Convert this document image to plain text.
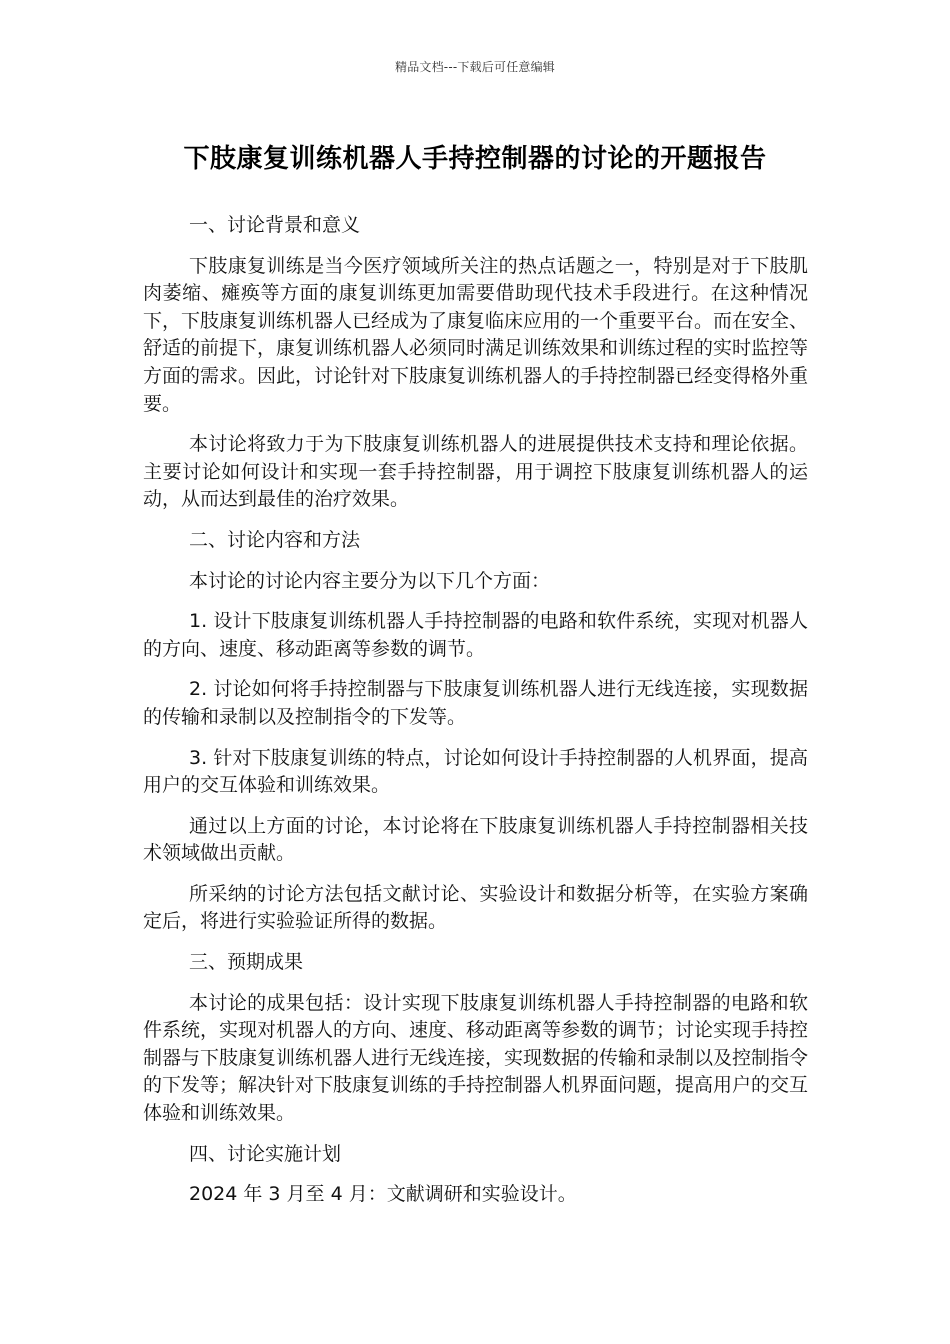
精品文档---下载后可任意编辑
下肢康复训练机器人手持控制器的讨论的开题报告

一、讨论背景和意义

下肢康复训练是当今医疗领域所关注的热点话题之一，特别是对于下肢肌肉萎缩、瘫痪等方面的康复训练更加需要借助现代技术手段进行。在这种情况下，下肢康复训练机器人已经成为了康复临床应用的一个重要平台。而在安全、舒适的前提下，康复训练机器人必须同时满足训练效果和训练过程的实时监控等方面的需求。因此，讨论针对下肢康复训练机器人的手持控制器已经变得格外重要。

本讨论将致力于为下肢康复训练机器人的进展提供技术支持和理论依据。主要讨论如何设计和实现一套手持控制器，用于调控下肢康复训练机器人的运动，从而达到最佳的治疗效果。

二、讨论内容和方法

本讨论的讨论内容主要分为以下几个方面：

1. 设计下肢康复训练机器人手持控制器的电路和软件系统，实现对机器人的方向、速度、移动距离等参数的调节。

2. 讨论如何将手持控制器与下肢康复训练机器人进行无线连接，实现数据的传输和录制以及控制指令的下发等。

3. 针对下肢康复训练的特点，讨论如何设计手持控制器的人机界面，提高用户的交互体验和训练效果。

通过以上方面的讨论，本讨论将在下肢康复训练机器人手持控制器相关技术领域做出贡献。

所采纳的讨论方法包括文献讨论、实验设计和数据分析等，在实验方案确定后，将进行实验验证所得的数据。

三、预期成果

本讨论的成果包括：设计实现下肢康复训练机器人手持控制器的电路和软件系统，实现对机器人的方向、速度、移动距离等参数的调节；讨论实现手持控制器与下肢康复训练机器人进行无线连接，实现数据的传输和录制以及控制指令的下发等；解决针对下肢康复训练的手持控制器人机界面问题，提高用户的交互体验和训练效果。

四、讨论实施计划

2024 年 3 月至 4 月：文献调研和实验设计。
